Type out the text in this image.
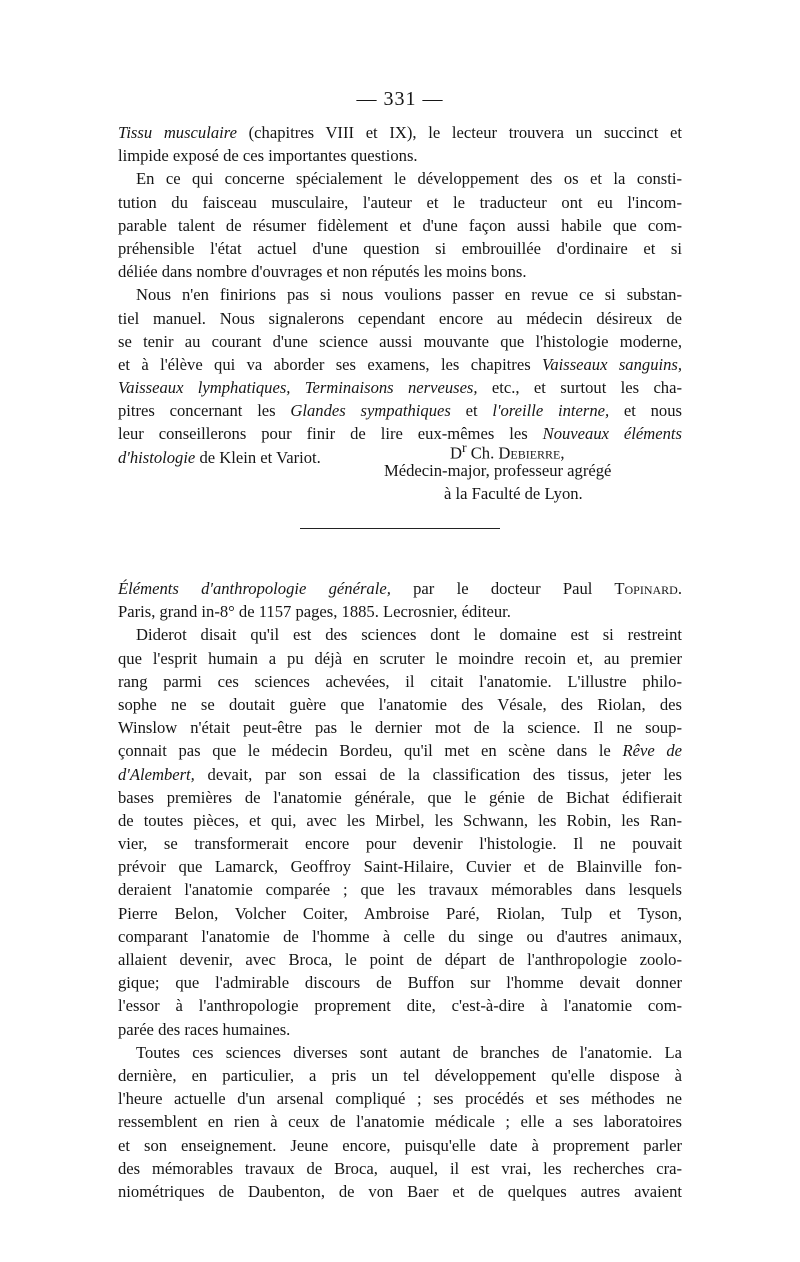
— 331 —
Tissu musculaire (chapitres VIII et IX), le lecteur trouvera un succinct et
limpide exposé de ces importantes questions.
En ce qui concerne spécialement le développement des os et la consti-
tution du faisceau musculaire, l'auteur et le traducteur ont eu l'incom-
parable talent de résumer fidèlement et d'une façon aussi habile que com-
préhensible l'état actuel d'une question si embrouillée d'ordinaire et si
déliée dans nombre d'ouvrages et non réputés les moins bons.
Nous n'en finirions pas si nous voulions passer en revue ce si substan-
tiel manuel. Nous signalerons cependant encore au médecin désireux de
se tenir au courant d'une science aussi mouvante que l'histologie moderne,
et à l'élève qui va aborder ses examens, les chapitres Vaisseaux sanguins,
Vaisseaux lymphatiques, Terminaisons nerveuses, etc., et surtout les cha-
pitres concernant les Glandes sympathiques et l'oreille interne, et nous
leur conseillerons pour finir de lire eux-mêmes les Nouveaux éléments
d'histologie de Klein et Variot.	$D^r$ Ch. Debierre,
Médecin-major, professeur agrégé
à la Faculté de Lyon.
Éléments d'anthropologie générale, par le docteur Paul Topinard.
Paris, grand in-8° de 1157 pages, 1885. Lecrosnier, éditeur.
Diderot disait qu'il est des sciences dont le domaine est si restreint
que l'esprit humain a pu déjà en scruter le moindre recoin et, au premier
rang parmi ces sciences achevées, il citait l'anatomie. L'illustre philo-
sophe ne se doutait guère que l'anatomie des Vésale, des Riolan, des
Winslow n'était peut-être pas le dernier mot de la science. Il ne soup-
çonnait pas que le médecin Bordeu, qu'il met en scène dans le Rêve de
d'Alembert, devait, par son essai de la classification des tissus, jeter les
bases premières de l'anatomie générale, que le génie de Bichat édifierait
de toutes pièces, et qui, avec les Mirbel, les Schwann, les Robin, les Ran-
vier, se transformerait encore pour devenir l'histologie. Il ne pouvait
prévoir que Lamarck, Geoffroy Saint-Hilaire, Cuvier et de Blainville fon-
deraient l'anatomie comparée ; que les travaux mémorables dans lesquels
Pierre Belon, Volcher Coiter, Ambroise Paré, Riolan, Tulp et Tyson,
comparant l'anatomie de l'homme à celle du singe ou d'autres animaux,
allaient devenir, avec Broca, le point de départ de l'anthropologie zoolo-
gique; que l'admirable discours de Buffon sur l'homme devait donner
l'essor à l'anthropologie proprement dite, c'est-à-dire à l'anatomie com-
parée des races humaines.
Toutes ces sciences diverses sont autant de branches de l'anatomie. La
dernière, en particulier, a pris un tel développement qu'elle dispose à
l'heure actuelle d'un arsenal compliqué ; ses procédés et ses méthodes ne
ressemblent en rien à ceux de l'anatomie médicale ; elle a ses laboratoires
et son enseignement. Jeune encore, puisqu'elle date à proprement parler
des mémorables travaux de Broca, auquel, il est vrai, les recherches cra-
niométriques de Daubenton, de von Baer et de quelques autres avaient
